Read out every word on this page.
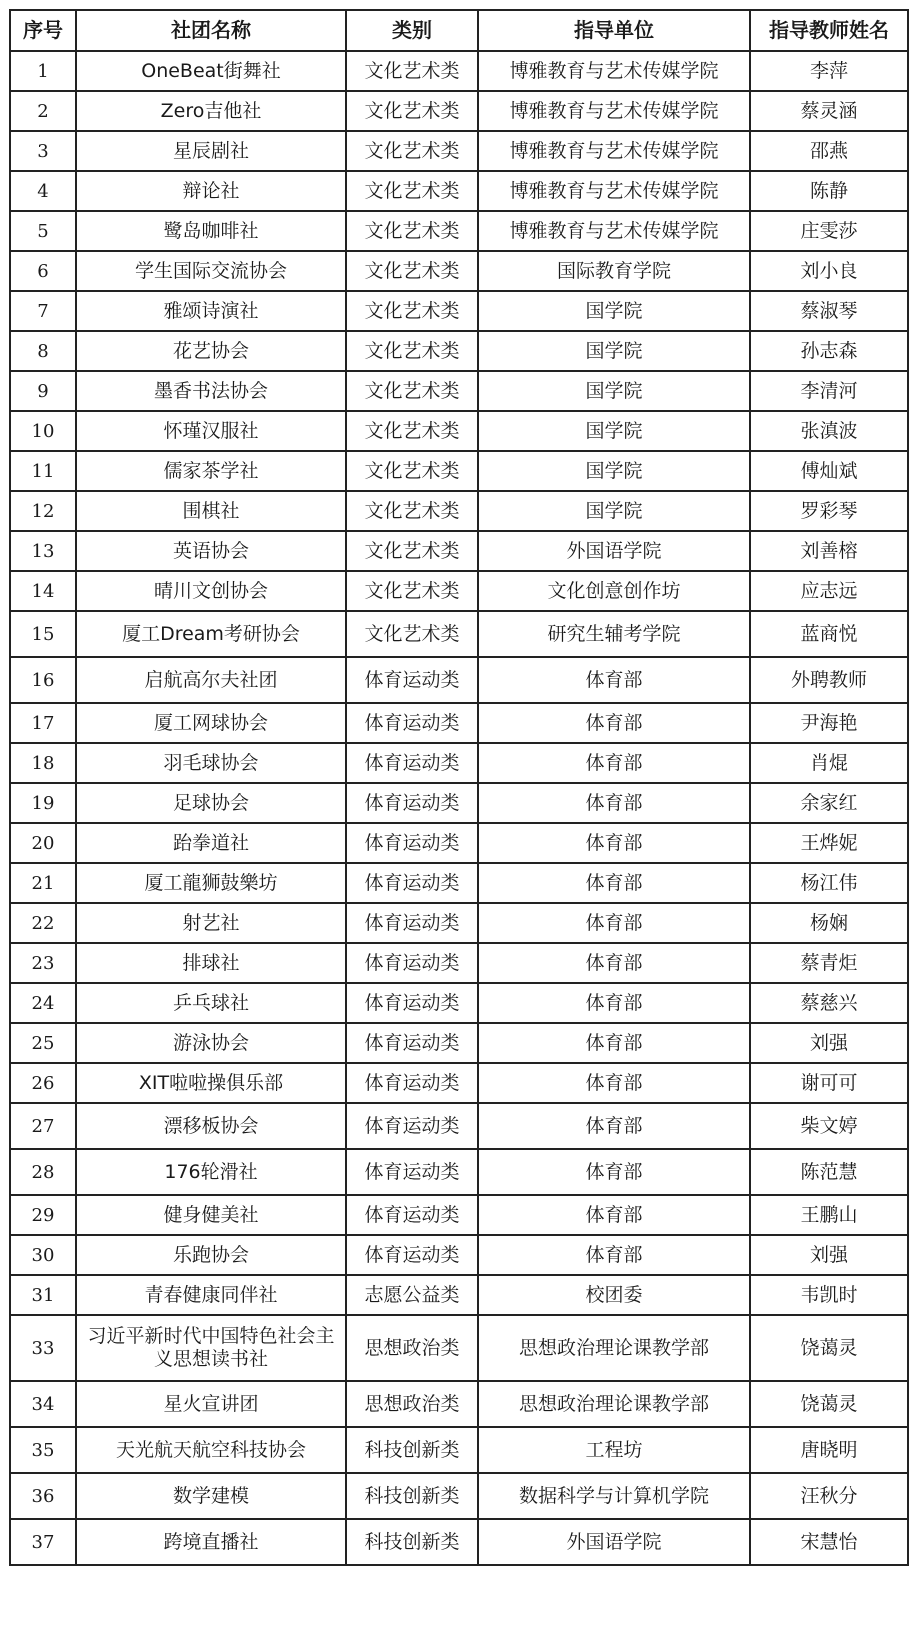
序号	社团名称	类别	指导单位	指导教师姓名
1	OneBeat街舞社	文化艺术类	博雅教育与艺术传媒学院	李萍
2	Zero吉他社	文化艺术类	博雅教育与艺术传媒学院	蔡灵涵
3	星辰剧社	文化艺术类	博雅教育与艺术传媒学院	邵燕
4	辩论社	文化艺术类	博雅教育与艺术传媒学院	陈静
5	鹭岛咖啡社	文化艺术类	博雅教育与艺术传媒学院	庄雯莎
6	学生国际交流协会	文化艺术类	国际教育学院	刘小良
7	雅颂诗演社	文化艺术类	国学院	蔡淑琴
8	花艺协会	文化艺术类	国学院	孙志森
9	墨香书法协会	文化艺术类	国学院	李清河
10	怀瑾汉服社	文化艺术类	国学院	张滇波
11	儒家茶学社	文化艺术类	国学院	傅灿斌
12	围棋社	文化艺术类	国学院	罗彩琴
13	英语协会	文化艺术类	外国语学院	刘善榕
14	晴川文创协会	文化艺术类	文化创意创作坊	应志远
15	厦工Dream考研协会	文化艺术类	研究生辅考学院	蓝商悦
16	启航高尔夫社团	体育运动类	体育部	外聘教师
17	厦工网球协会	体育运动类	体育部	尹海艳
18	羽毛球协会	体育运动类	体育部	肖焜
19	足球协会	体育运动类	体育部	余家红
20	跆拳道社	体育运动类	体育部	王烨妮
21	厦工龍狮鼓樂坊	体育运动类	体育部	杨江伟
22	射艺社	体育运动类	体育部	杨娴
23	排球社	体育运动类	体育部	蔡青炬
24	乒乓球社	体育运动类	体育部	蔡慈兴
25	游泳协会	体育运动类	体育部	刘强
26	XIT啦啦操俱乐部	体育运动类	体育部	谢可可
27	漂移板协会	体育运动类	体育部	柴文婷
28	176轮滑社	体育运动类	体育部	陈范慧
29	健身健美社	体育运动类	体育部	王鹏山
30	乐跑协会	体育运动类	体育部	刘强
31	青春健康同伴社	志愿公益类	校团委	韦凯时
33	习近平新时代中国特色社会主义思想读书社	思想政治类	思想政治理论课教学部	饶蔼灵
34	星火宣讲团	思想政治类	思想政治理论课教学部	饶蔼灵
35	天光航天航空科技协会	科技创新类	工程坊	唐晓明
36	数学建模	科技创新类	数据科学与计算机学院	汪秋分
37	跨境直播社	科技创新类	外国语学院	宋慧怡
